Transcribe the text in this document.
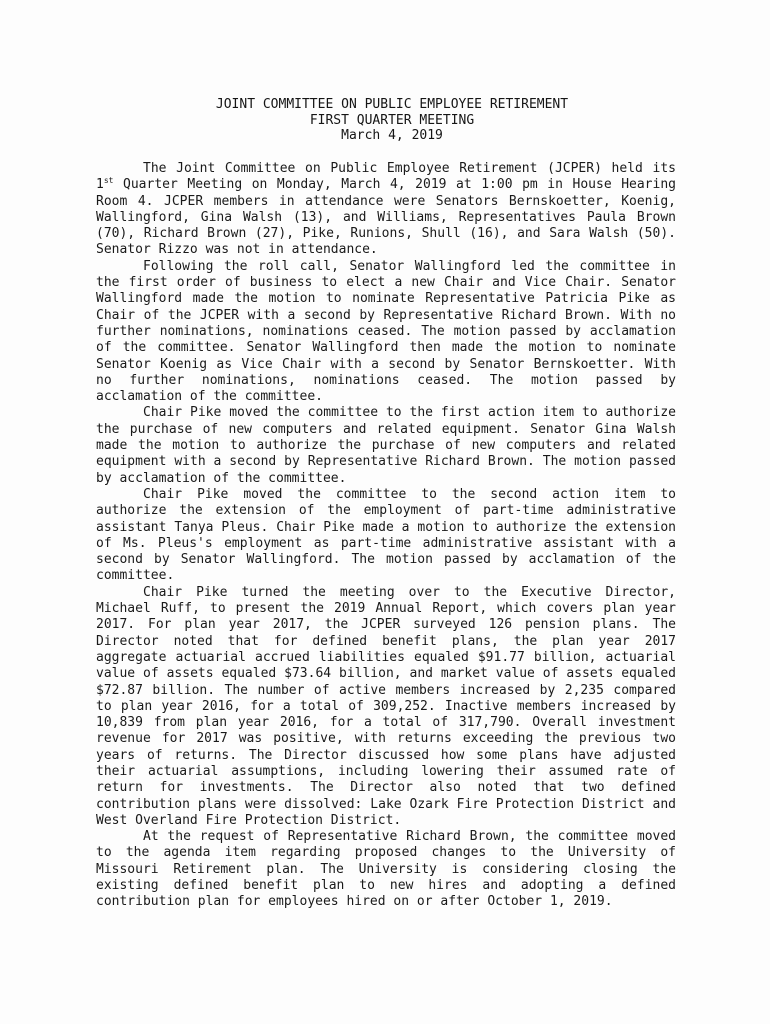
JOINT COMMITTEE ON PUBLIC EMPLOYEE RETIREMENT
FIRST QUARTER MEETING
March 4, 2019

The Joint Committee on Public Employee Retirement (JCPER) held its 1st Quarter Meeting on Monday, March 4, 2019 at 1:00 pm in House Hearing Room 4. JCPER members in attendance were Senators Bernskoetter, Koenig, Wallingford, Gina Walsh (13), and Williams, Representatives Paula Brown (70), Richard Brown (27), Pike, Runions, Shull (16), and Sara Walsh (50). Senator Rizzo was not in attendance.

Following the roll call, Senator Wallingford led the committee in the first order of business to elect a new Chair and Vice Chair. Senator Wallingford made the motion to nominate Representative Patricia Pike as Chair of the JCPER with a second by Representative Richard Brown. With no further nominations, nominations ceased. The motion passed by acclamation of the committee. Senator Wallingford then made the motion to nominate Senator Koenig as Vice Chair with a second by Senator Bernskoetter. With no further nominations, nominations ceased. The motion passed by acclamation of the committee.

Chair Pike moved the committee to the first action item to authorize the purchase of new computers and related equipment. Senator Gina Walsh made the motion to authorize the purchase of new computers and related equipment with a second by Representative Richard Brown. The motion passed by acclamation of the committee.

Chair Pike moved the committee to the second action item to authorize the extension of the employment of part-time administrative assistant Tanya Pleus. Chair Pike made a motion to authorize the extension of Ms. Pleus's employment as part-time administrative assistant with a second by Senator Wallingford. The motion passed by acclamation of the committee.

Chair Pike turned the meeting over to the Executive Director, Michael Ruff, to present the 2019 Annual Report, which covers plan year 2017. For plan year 2017, the JCPER surveyed 126 pension plans. The Director noted that for defined benefit plans, the plan year 2017 aggregate actuarial accrued liabilities equaled $91.77 billion, actuarial value of assets equaled $73.64 billion, and market value of assets equaled $72.87 billion. The number of active members increased by 2,235 compared to plan year 2016, for a total of 309,252. Inactive members increased by 10,839 from plan year 2016, for a total of 317,790. Overall investment revenue for 2017 was positive, with returns exceeding the previous two years of returns. The Director discussed how some plans have adjusted their actuarial assumptions, including lowering their assumed rate of return for investments. The Director also noted that two defined contribution plans were dissolved: Lake Ozark Fire Protection District and West Overland Fire Protection District.

At the request of Representative Richard Brown, the committee moved to the agenda item regarding proposed changes to the University of Missouri Retirement plan. The University is considering closing the existing defined benefit plan to new hires and adopting a defined contribution plan for employees hired on or after October 1, 2019.
